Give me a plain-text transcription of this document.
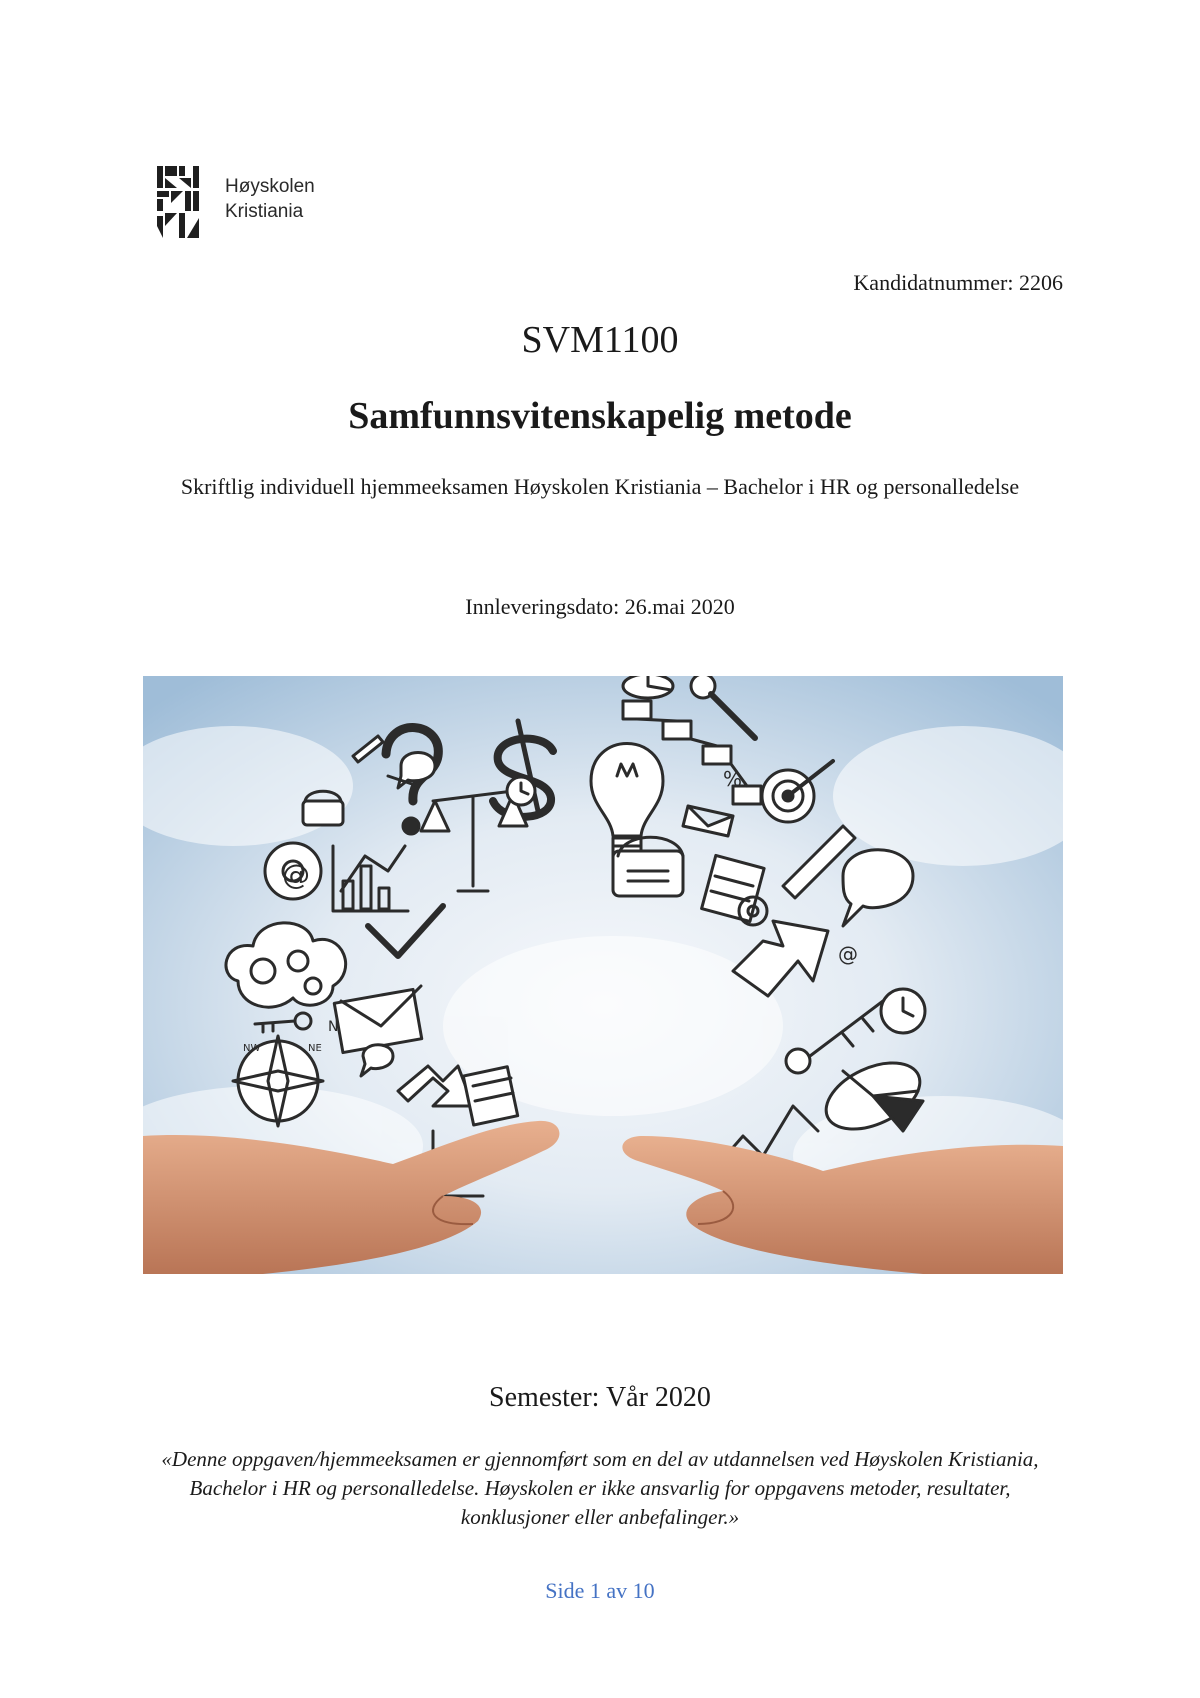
Høyskolen
Kristiania
Kandidatnummer: 2206
SVM1100
Samfunnsvitenskapelig metode
Skriftlig individuell hjemmeeksamen Høyskolen Kristiania – Bachelor i HR og personalledelse
Innleveringsdato: 26.mai 2020
%
@
N
NW	NE
@
Semester: Vår 2020
«Denne oppgaven/hjemmeeksamen er gjennomført som en del av utdannelsen ved Høyskolen Kristiania, Bachelor i HR og personalledelse. Høyskolen er ikke ansvarlig for oppgavens metoder, resultater, konklusjoner eller anbefalinger.»
Side 1 av 10
